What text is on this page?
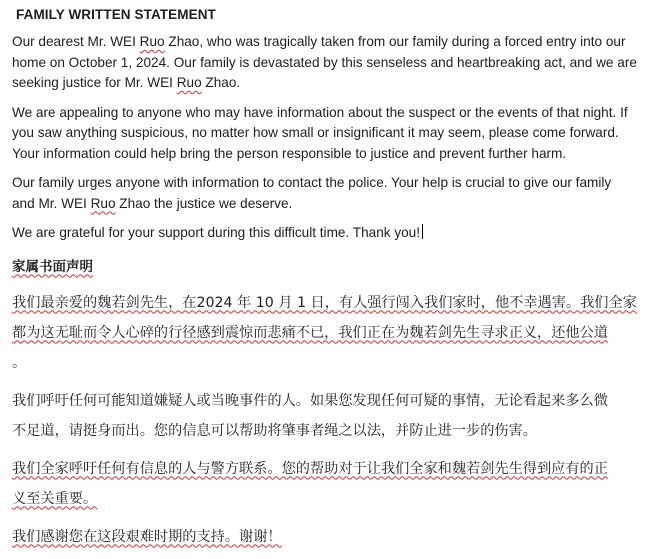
FAMILY WRITTEN STATEMENT

Our dearest Mr. WEI Ruo Zhao, who was tragically taken from our family during a forced entry into our
home on October 1, 2024. Our family is devastated by this senseless and heartbreaking act, and we are
seeking justice for Mr. WEI Ruo Zhao.

We are appealing to anyone who may have information about the suspect or the events of that night. If
you saw anything suspicious, no matter how small or insignificant it may seem, please come forward.
Your information could help bring the person responsible to justice and prevent further harm.

Our family urges anyone with information to contact the police. Your help is crucial to give our family
and Mr. WEI Ruo Zhao the justice we deserve.

We are grateful for your support during this difficult time. Thank you!

家属书面声明

我们最亲爱的魏若剑先生，在2024 年 10 月 1 日，有人强行闯入我们家时，他不幸遇害。我们全家
都为这无耻而令人心碎的行径感到震惊而悲痛不已，我们正在为魏若剑先生寻求正义，还他公道
。

我们呼吁任何可能知道嫌疑人或当晚事件的人。如果您发现任何可疑的事情，无论看起来多么微
不足道，请挺身而出。您的信息可以帮助将肇事者绳之以法，并防止进一步的伤害。

我们全家呼吁任何有信息的人与警方联系。您的帮助对于让我们全家和魏若剑先生得到应有的正
义至关重要。

我们感谢您在这段艰难时期的支持。谢谢！
